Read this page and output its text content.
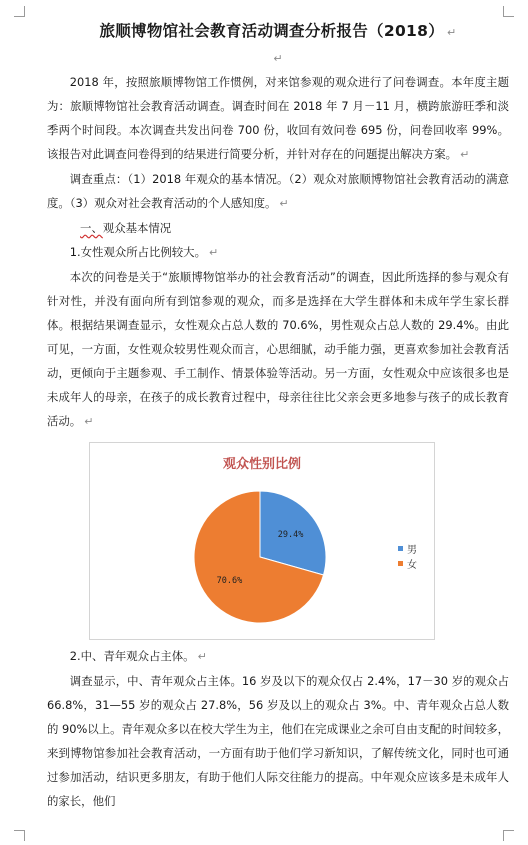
旅顺博物馆社会教育活动调查分析报告（2018） ↵
↵

2018 年，按照旅顺博物馆工作惯例，对来馆参观的观众进行了问卷调查。本年度主题为：旅顺博物馆社会教育活动调查。调查时间在 2018 年 7 月－11 月，横跨旅游旺季和淡季两个时间段。本次调查共发出问卷 700 份，收回有效问卷 695 份，问卷回收率 99%。该报告对此调查问卷得到的结果进行简要分析，并针对存在的问题提出解决方案。 ↵

调查重点：（1）2018 年观众的基本情况。（2）观众对旅顺博物馆社会教育活动的满意度。（3）观众对社会教育活动的个人感知度。 ↵

一、观众基本情况

1.女性观众所占比例较大。 ↵

本次的问卷是关于“旅顺博物馆举办的社会教育活动”的调查，因此所选择的参与观众有针对性，并没有面向所有到馆参观的观众，而多是选择在大学生群体和未成年学生家长群体。根据结果调查显示，女性观众占总人数的 70.6%，男性观众占总人数的 29.4%。由此可见，一方面，女性观众较男性观众而言，心思细腻，动手能力强，更喜欢参加社会教育活动，更倾向于主题参观、手工制作、情景体验等活动。另一方面，女性观众中应该很多也是未成年人的母亲，在孩子的成长教育过程中，母亲往往比父亲会更多地参与孩子的成长教育活动。 ↵

观众性别比例
29.4%
70.6%
男
女

2.中、青年观众占主体。 ↵

调查显示，中、青年观众占主体。16 岁及以下的观众仅占 2.4%，17－30 岁的观众占 66.8%，31—55 岁的观众占 27.8%，56 岁及以上的观众占 3%。中、青年观众占总人数的 90%以上。青年观众多以在校大学生为主，他们在完成课业之余可自由支配的时间较多，来到博物馆参加社会教育活动，一方面有助于他们学习新知识，了解传统文化，同时也可通过参加活动，结识更多朋友，有助于他们人际交往能力的提高。中年观众应该多是未成年人的家长，他们
